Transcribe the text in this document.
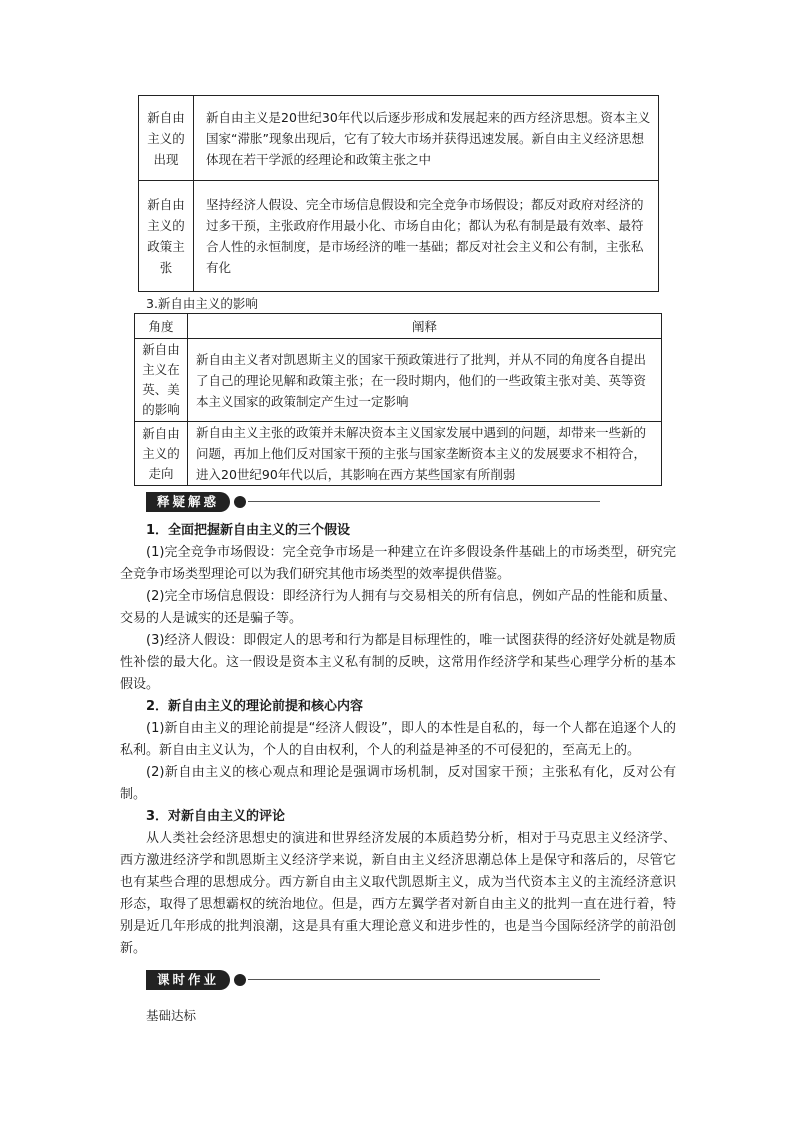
新自由主义的出现	新自由主义是20世纪30年代以后逐步形成和发展起来的西方经济思想。资本主义国家“滞胀”现象出现后，它有了较大市场并获得迅速发展。新自由主义经济思想体现在若干学派的经理论和政策主张之中
新自由主义的政策主张	坚持经济人假设、完全市场信息假设和完全竞争市场假设；都反对政府对经济的过多干预，主张政府作用最小化、市场自由化；都认为私有制是最有效率、最符合人性的永恒制度，是市场经济的唯一基础；都反对社会主义和公有制，主张私有化
3.新自由主义的影响
角度	阐释
新自由主义在英、美的影响	新自由主义者对凯恩斯主义的国家干预政策进行了批判，并从不同的角度各自提出了自己的理论见解和政策主张；在一段时期内，他们的一些政策主张对美、英等资本主义国家的政策制定产生过一定影响
新自由主义的走向	新自由主义主张的政策并未解决资本主义国家发展中遇到的问题，却带来一些新的问题，再加上他们反对国家干预的主张与国家垄断资本主义的发展要求不相符合，进入20世纪90年代以后，其影响在西方某些国家有所削弱
释疑解惑

1．全面把握新自由主义的三个假设

(1)完全竞争市场假设：完全竞争市场是一种建立在许多假设条件基础上的市场类型，研究完全竞争市场类型理论可以为我们研究其他市场类型的效率提供借鉴。

(2)完全市场信息假设：即经济行为人拥有与交易相关的所有信息，例如产品的性能和质量、交易的人是诚实的还是骗子等。

(3)经济人假设：即假定人的思考和行为都是目标理性的，唯一试图获得的经济好处就是物质性补偿的最大化。这一假设是资本主义私有制的反映，这常用作经济学和某些心理学分析的基本假设。

2．新自由主义的理论前提和核心内容

(1)新自由主义的理论前提是“经济人假设”，即人的本性是自私的，每一个人都在追逐个人的私利。新自由主义认为，个人的自由权利，个人的利益是神圣的不可侵犯的，至高无上的。

(2)新自由主义的核心观点和理论是强调市场机制，反对国家干预；主张私有化，反对公有制。

3．对新自由主义的评论

从人类社会经济思想史的演进和世界经济发展的本质趋势分析，相对于马克思主义经济学、西方激进经济学和凯恩斯主义经济学来说，新自由主义经济思潮总体上是保守和落后的，尽管它也有某些合理的思想成分。西方新自由主义取代凯恩斯主义，成为当代资本主义的主流经济意识形态，取得了思想霸权的统治地位。但是，西方左翼学者对新自由主义的批判一直在进行着，特别是近几年形成的批判浪潮，这是具有重大理论意义和进步性的，也是当今国际经济学的前沿创新。

课时作业
基础达标
